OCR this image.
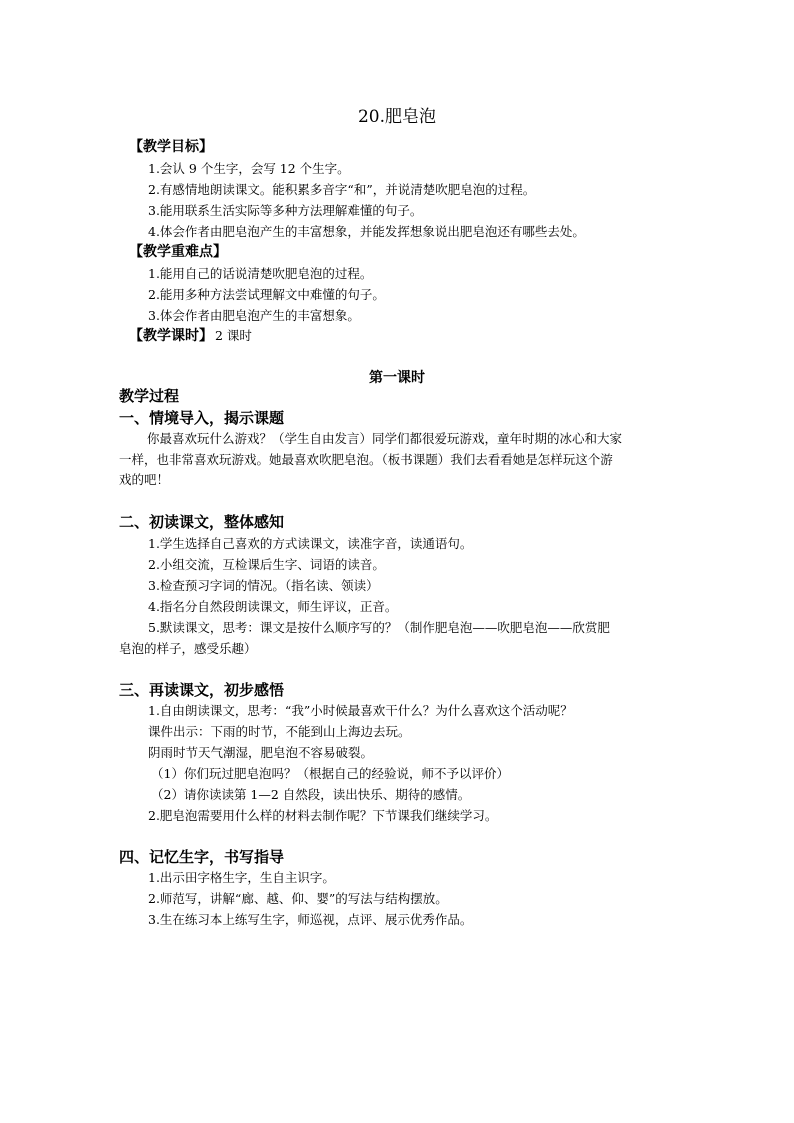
20.肥皂泡
【教学目标】
1.会认 9 个生字，会写 12 个生字。
2.有感情地朗读课文。能积累多音字“和”，并说清楚吹肥皂泡的过程。
3.能用联系生活实际等多种方法理解难懂的句子。
4.体会作者由肥皂泡产生的丰富想象，并能发挥想象说出肥皂泡还有哪些去处。
【教学重难点】
1.能用自己的话说清楚吹肥皂泡的过程。
2.能用多种方法尝试理解文中难懂的句子。
3.体会作者由肥皂泡产生的丰富想象。
【教学课时】 2 课时
第一课时
教学过程
一、情境导入，揭示课题
你最喜欢玩什么游戏？（学生自由发言）同学们都很爱玩游戏，童年时期的冰心和大家
一样，也非常喜欢玩游戏。她最喜欢吹肥皂泡。（板书课题）我们去看看她是怎样玩这个游
戏的吧！
二、初读课文，整体感知
1.学生选择自己喜欢的方式读课文，读准字音，读通语句。
2.小组交流，互检课后生字、词语的读音。
3.检查预习字词的情况。（指名读、领读）
4.指名分自然段朗读课文，师生评议，正音。
5.默读课文，思考：课文是按什么顺序写的？（制作肥皂泡——吹肥皂泡——欣赏肥
皂泡的样子，感受乐趣）
三、再读课文，初步感悟
1.自由朗读课文，思考：“我”小时候最喜欢干什么？为什么喜欢这个活动呢？
课件出示：下雨的时节，不能到山上海边去玩。
阴雨时节天气潮湿，肥皂泡不容易破裂。
（1）你们玩过肥皂泡吗？（根据自己的经验说，师不予以评价）
（2）请你读读第 1—2 自然段，读出快乐、期待的感情。
2.肥皂泡需要用什么样的材料去制作呢？下节课我们继续学习。
四、记忆生字，书写指导
1.出示田字格生字，生自主识字。
2.师范写，讲解“廊、越、仰、婴”的写法与结构摆放。
3.生在练习本上练写生字，师巡视，点评、展示优秀作品。
